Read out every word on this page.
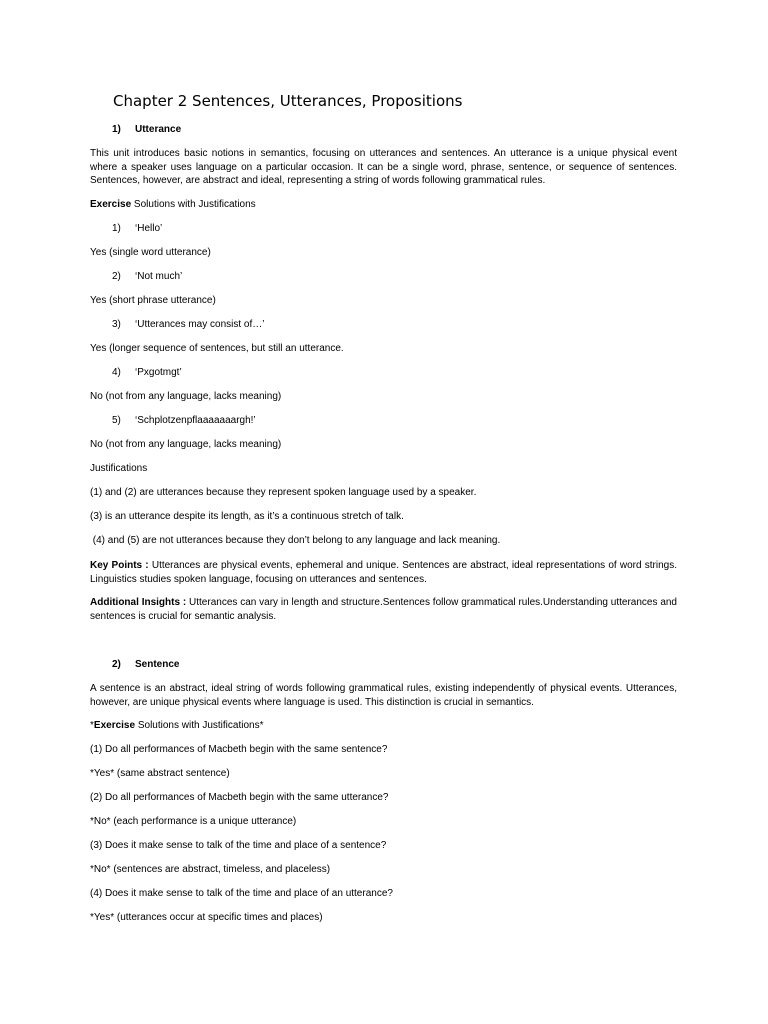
Chapter 2 Sentences, Utterances, Propositions
1) Utterance
This unit introduces basic notions in semantics, focusing on utterances and sentences. An utterance is a unique physical event where a speaker uses language on a particular occasion. It can be a single word, phrase, sentence, or sequence of sentences. Sentences, however, are abstract and ideal, representing a string of words following grammatical rules.
Exercise Solutions with Justifications
1) ‘Hello’
Yes (single word utterance)
2) ‘Not much’
Yes (short phrase utterance)
3) ‘Utterances may consist of…’
Yes (longer sequence of sentences, but still an utterance.
4) ‘Pxgotmgt’
No (not from any language, lacks meaning)
5) ‘Schplotzenpflaaaaaaargh!’
No (not from any language, lacks meaning)
Justifications
(1) and (2) are utterances because they represent spoken language used by a speaker.
(3) is an utterance despite its length, as it’s a continuous stretch of talk.
(4) and (5) are not utterances because they don’t belong to any language and lack meaning.
Key Points : Utterances are physical events, ephemeral and unique. Sentences are abstract, ideal representations of word strings. Linguistics studies spoken language, focusing on utterances and sentences.
Additional Insights : Utterances can vary in length and structure.Sentences follow grammatical rules.Understanding utterances and sentences is crucial for semantic analysis.
2) Sentence
A sentence is an abstract, ideal string of words following grammatical rules, existing independently of physical events. Utterances, however, are unique physical events where language is used. This distinction is crucial in semantics.
*Exercise Solutions with Justifications*
(1) Do all performances of Macbeth begin with the same sentence?
*Yes* (same abstract sentence)
(2) Do all performances of Macbeth begin with the same utterance?
*No* (each performance is a unique utterance)
(3) Does it make sense to talk of the time and place of a sentence?
*No* (sentences are abstract, timeless, and placeless)
(4) Does it make sense to talk of the time and place of an utterance?
*Yes* (utterances occur at specific times and places)
